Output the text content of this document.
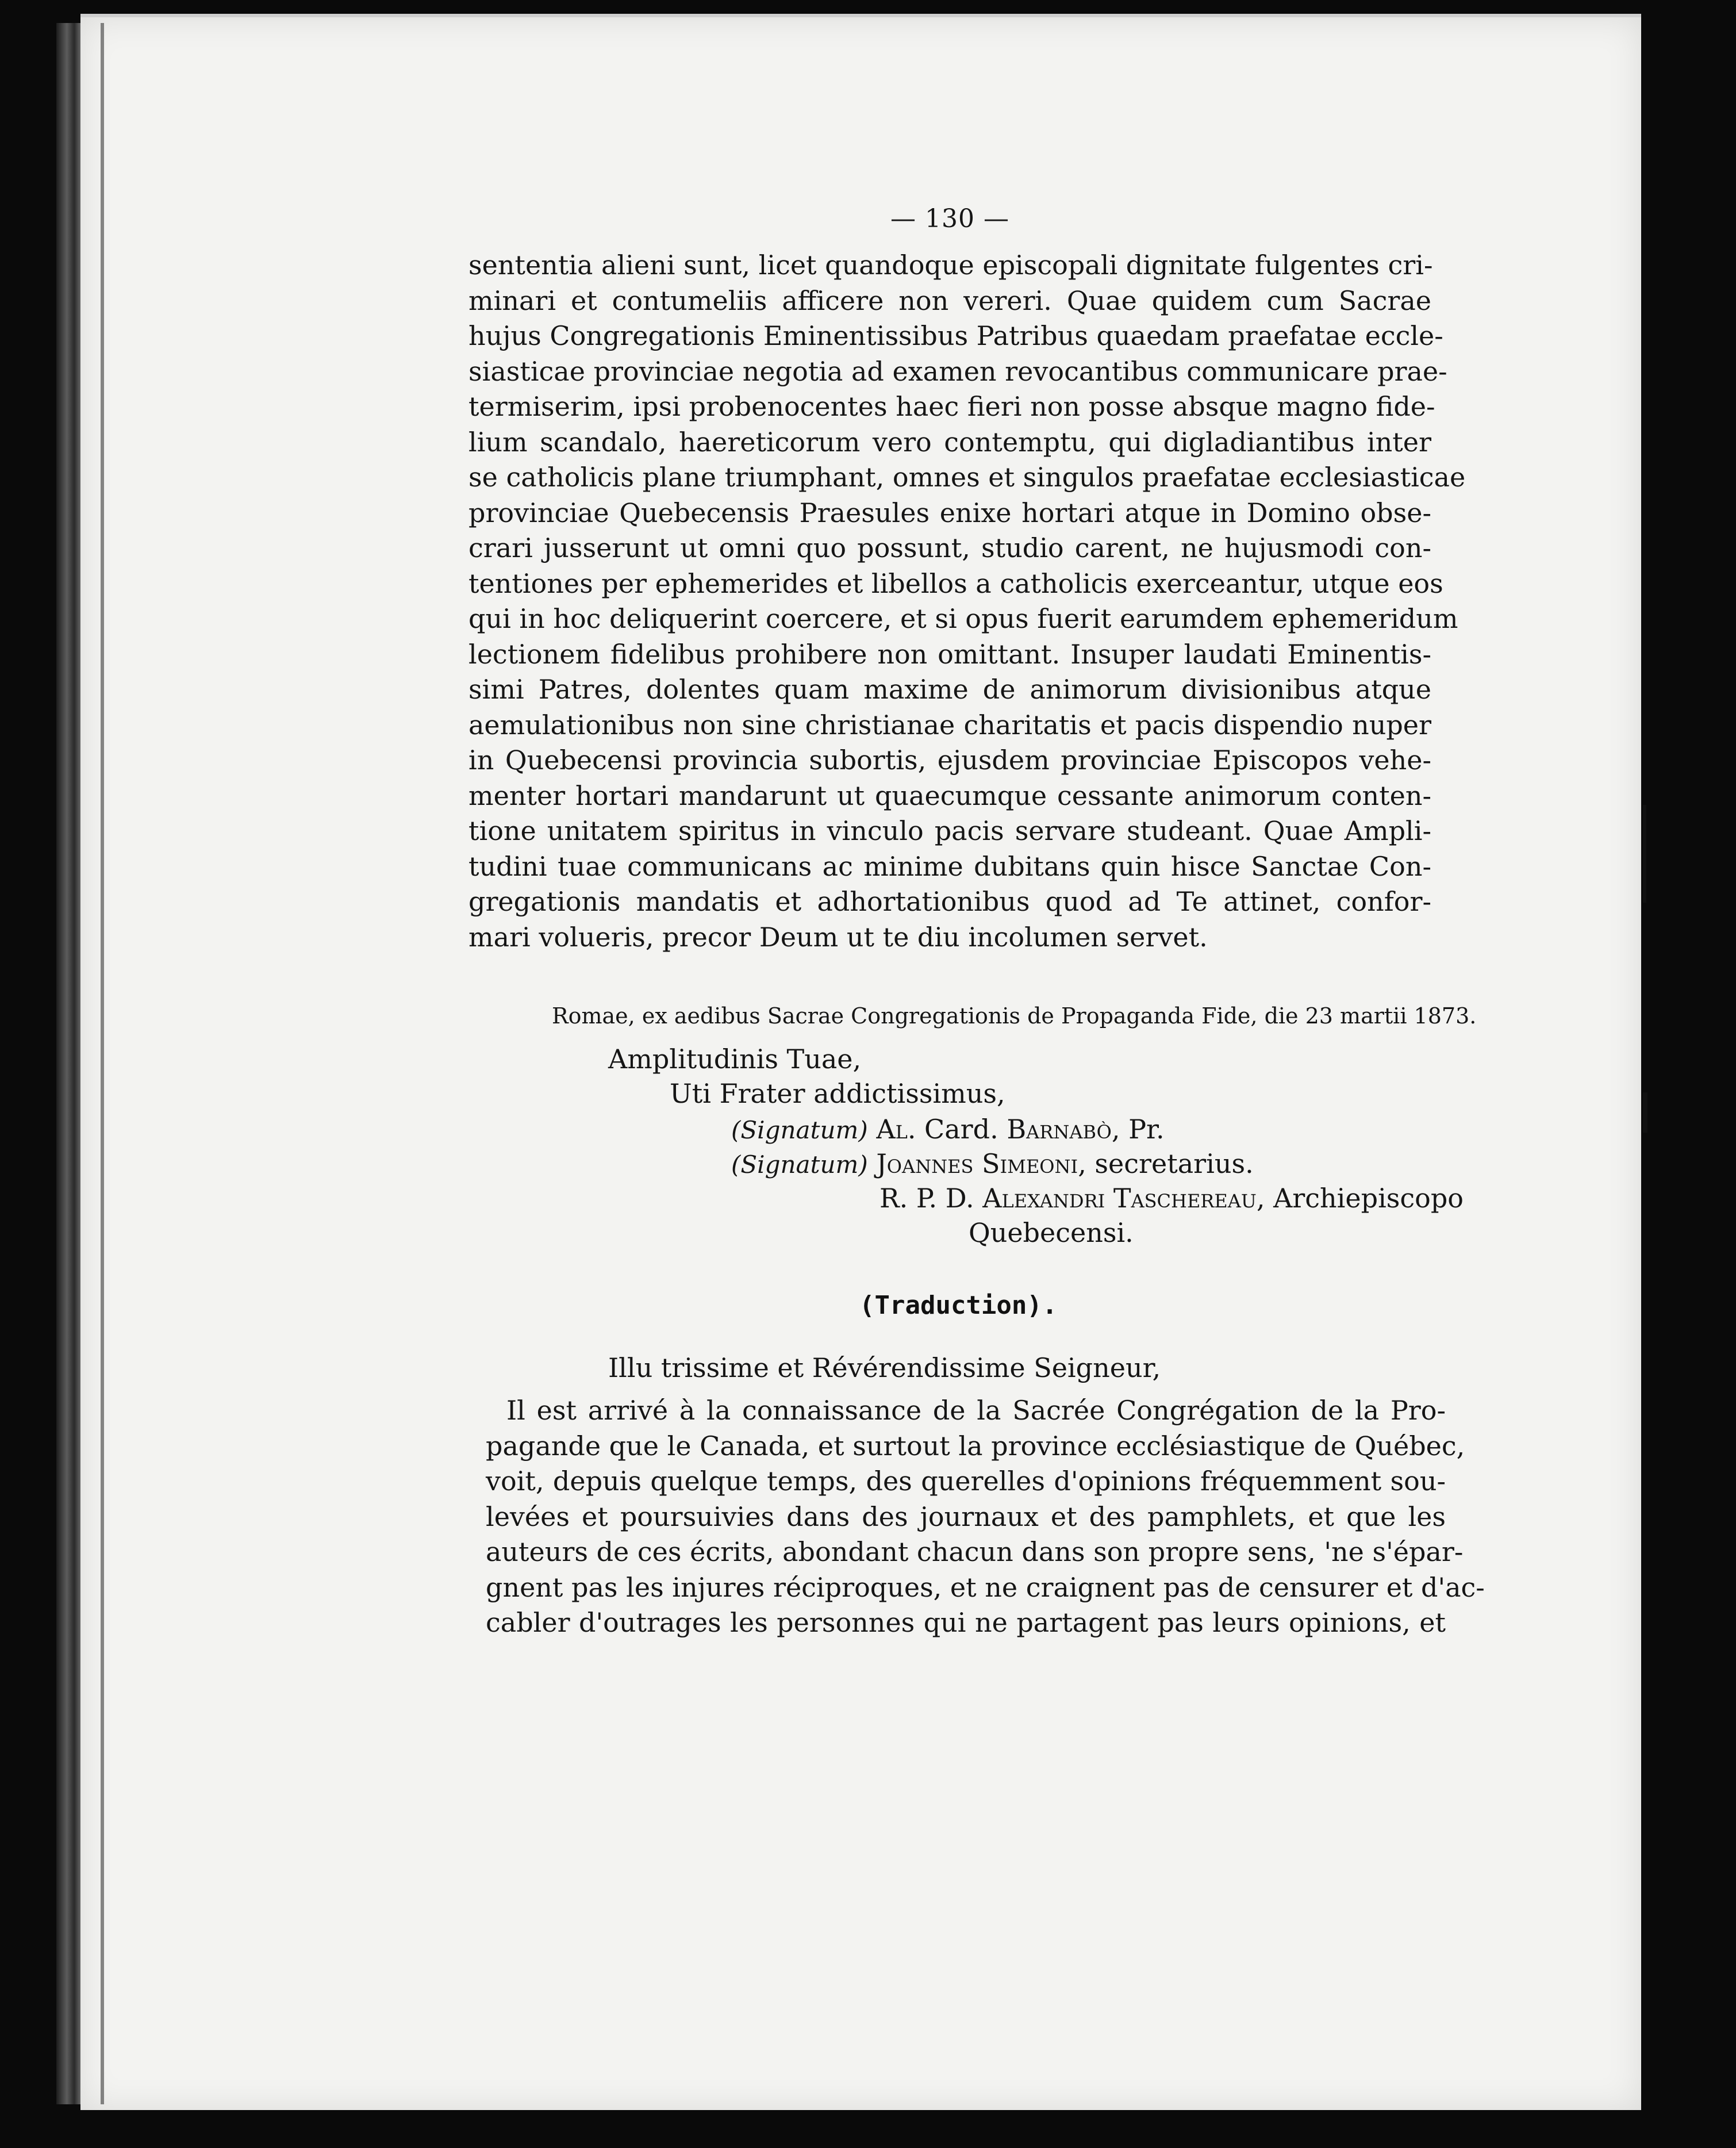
— 130 —
sententia alieni sunt, licet quandoque episcopali dignitate fulgentes cri-
minari et contumeliis afficere non vereri. Quae quidem cum Sacrae
hujus Congregationis Eminentissibus Patribus quaedam praefatae eccle-
siasticae provinciae negotia ad examen revocantibus communicare prae-
termiserim, ipsi probenocentes haec fieri non posse absque magno fide-
lium scandalo, haereticorum vero contemptu, qui digladiantibus inter
se catholicis plane triumphant, omnes et singulos praefatae ecclesiasticae
provinciae Quebecensis Praesules enixe hortari atque in Domino obse-
crari jusserunt ut omni quo possunt, studio carent, ne hujusmodi con-
tentiones per ephemerides et libellos a catholicis exerceantur, utque eos
qui in hoc deliquerint coercere, et si opus fuerit earumdem ephemeridum
lectionem fidelibus prohibere non omittant. Insuper laudati Eminentis-
simi Patres, dolentes quam maxime de animorum divisionibus atque
aemulationibus non sine christianae charitatis et pacis dispendio nuper
in Quebecensi provincia subortis, ejusdem provinciae Episcopos vehe-
menter hortari mandarunt ut quaecumque cessante animorum conten-
tione unitatem spiritus in vinculo pacis servare studeant. Quae Ampli-
tudini tuae communicans ac minime dubitans quin hisce Sanctae Con-
gregationis mandatis et adhortationibus quod ad Te attinet, confor-
mari volueris, precor Deum ut te diu incolumen servet.
Romae, ex aedibus Sacrae Congregationis de Propaganda Fide, die 23 martii 1873.
Amplitudinis Tuae,
Uti Frater addictissimus,
(Signatum) Al. Card. Barnabò, Pr.
(Signatum) Joannes Simeoni, secretarius.
R. P. D. Alexandri Taschereau, Archiepiscopo
Quebecensi.
(Traduction).
Illu trissime et Révérendissime Seigneur,
Il est arrivé à la connaissance de la Sacrée Congrégation de la Pro-
pagande que le Canada, et surtout la province ecclésiastique de Québec,
voit, depuis quelque temps, des querelles d'opinions fréquemment sou-
levées et poursuivies dans des journaux et des pamphlets, et que les
auteurs de ces écrits, abondant chacun dans son propre sens, 'ne s'épar-
gnent pas les injures réciproques, et ne craignent pas de censurer et d'ac-
cabler d'outrages les personnes qui ne partagent pas leurs opinions, et
